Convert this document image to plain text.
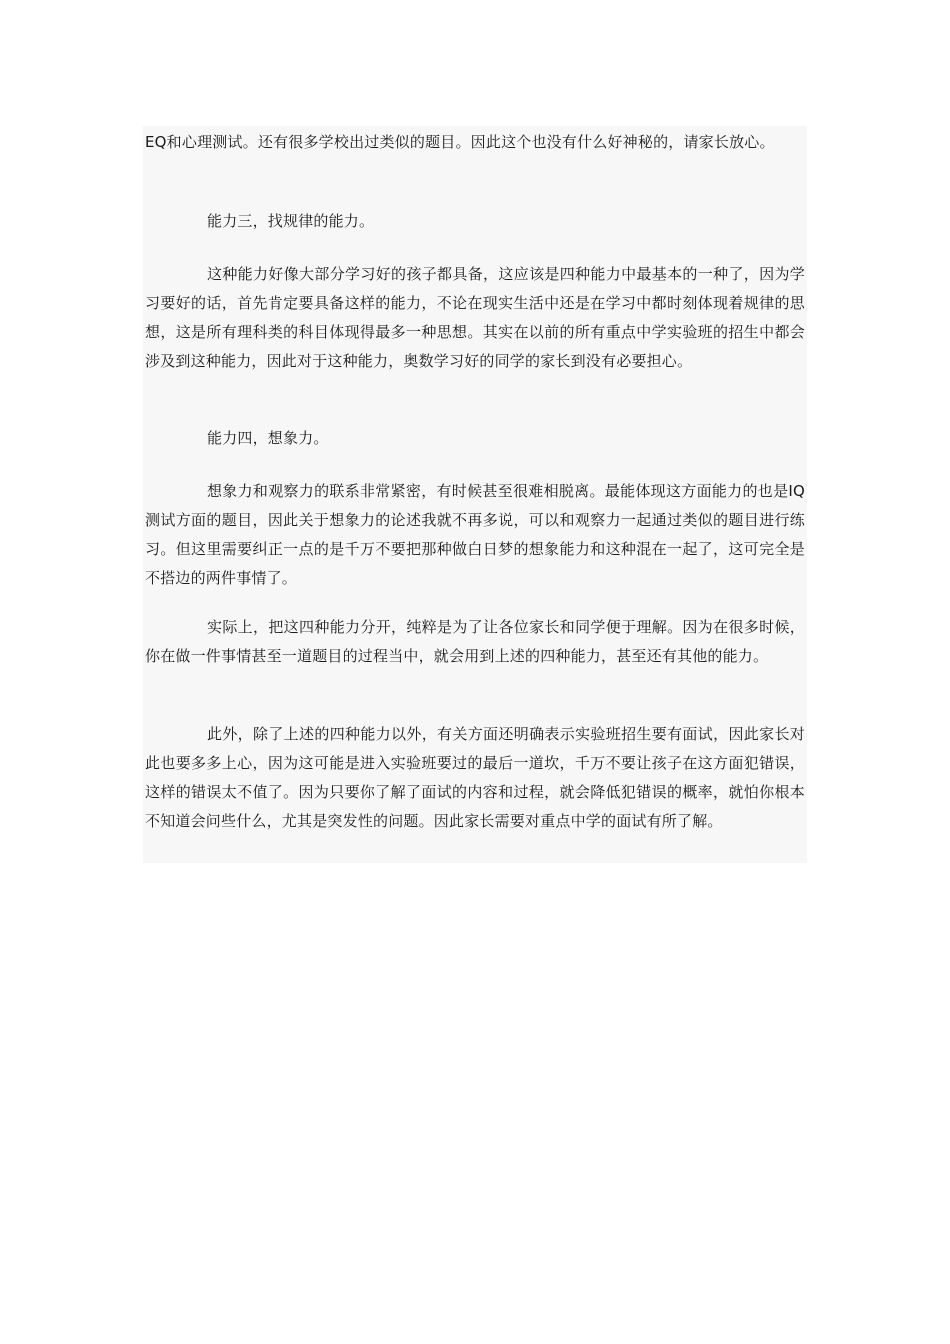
EQ和心理测试。还有很多学校出过类似的题目。因此这个也没有什么好神秘的，请家长放心。

能力三，找规律的能力。

这种能力好像大部分学习好的孩子都具备，这应该是四种能力中最基本的一种了，因为学习要好的话，首先肯定要具备这样的能力，不论在现实生活中还是在学习中都时刻体现着规律的思想，这是所有理科类的科目体现得最多一种思想。其实在以前的所有重点中学实验班的招生中都会涉及到这种能力，因此对于这种能力，奥数学习好的同学的家长到没有必要担心。

能力四，想象力。

想象力和观察力的联系非常紧密，有时候甚至很难相脱离。最能体现这方面能力的也是IQ测试方面的题目，因此关于想象力的论述我就不再多说，可以和观察力一起通过类似的题目进行练习。但这里需要纠正一点的是千万不要把那种做白日梦的想象能力和这种混在一起了，这可完全是不搭边的两件事情了。

实际上，把这四种能力分开，纯粹是为了让各位家长和同学便于理解。因为在很多时候，你在做一件事情甚至一道题目的过程当中，就会用到上述的四种能力，甚至还有其他的能力。

此外，除了上述的四种能力以外，有关方面还明确表示实验班招生要有面试，因此家长对此也要多多上心，因为这可能是进入实验班要过的最后一道坎，千万不要让孩子在这方面犯错误，这样的错误太不值了。因为只要你了解了面试的内容和过程，就会降低犯错误的概率，就怕你根本不知道会问些什么，尤其是突发性的问题。因此家长需要对重点中学的面试有所了解。
